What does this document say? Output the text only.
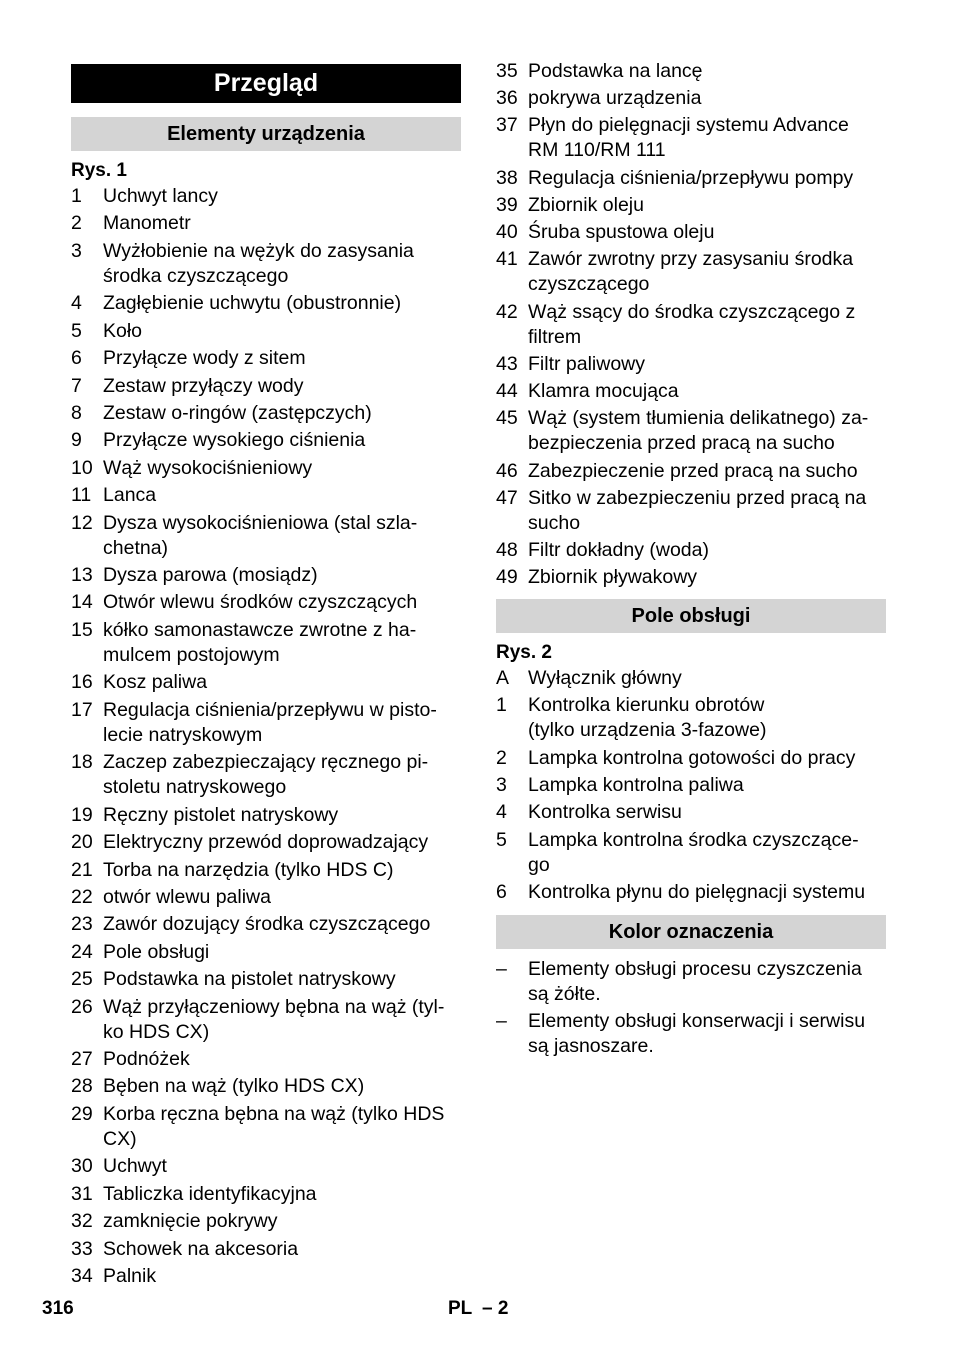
Przegląd
Elementy urządzenia
Rys. 1
1 Uchwyt lancy
2 Manometr
3 Wyżłobienie na wężyk do zasysania
środka czyszczącego
4 Zagłębienie uchwytu (obustronnie)
5 Koło
6 Przyłącze wody z sitem
7 Zestaw przyłączy wody
8 Zestaw o-ringów (zastępczych)
9 Przyłącze wysokiego ciśnienia
10 Wąż wysokociśnieniowy
11 Lanca
12 Dysza wysokociśnieniowa (stal szla-
chetna)
13 Dysza parowa (mosiądz)
14 Otwór wlewu środków czyszczących
15 kółko samonastawcze zwrotne z ha-
mulcem postojowym
16 Kosz paliwa
17 Regulacja ciśnienia/przepływu w pisto-
lecie natryskowym
18 Zaczep zabezpieczający ręcznego pi-
stoletu natryskowego
19 Ręczny pistolet natryskowy
20 Elektryczny przewód doprowadzający
21 Torba na narzędzia (tylko HDS C)
22 otwór wlewu paliwa
23 Zawór dozujący środka czyszczącego
24 Pole obsługi
25 Podstawka na pistolet natryskowy
26 Wąż przyłączeniowy bębna na wąż (tyl-
ko HDS CX)
27 Podnóżek
28 Bęben na wąż (tylko HDS CX)
29 Korba ręczna bębna na wąż (tylko HDS
CX)
30 Uchwyt
31 Tabliczka identyfikacyjna
32 zamknięcie pokrywy
33 Schowek na akcesoria
34 Palnik
35 Podstawka na lancę
36 pokrywa urządzenia
37 Płyn do pielęgnacji systemu Advance
RM 110/RM 111
38 Regulacja ciśnienia/przepływu pompy
39 Zbiornik oleju
40 Śruba spustowa oleju
41 Zawór zwrotny przy zasysaniu środka
czyszczącego
42 Wąż ssący do środka czyszczącego z
filtrem
43 Filtr paliwowy
44 Klamra mocująca
45 Wąż (system tłumienia delikatnego) za-
bezpieczenia przed pracą na sucho
46 Zabezpieczenie przed pracą na sucho
47 Sitko w zabezpieczeniu przed pracą na
sucho
48 Filtr dokładny (woda)
49 Zbiornik pływakowy
Pole obsługi
Rys. 2
A Wyłącznik główny
1 Kontrolka kierunku obrotów
(tylko urządzenia 3-fazowe)
2 Lampka kontrolna gotowości do pracy
3 Lampka kontrolna paliwa
4 Kontrolka serwisu
5 Lampka kontrolna środka czyszczące-
go
6 Kontrolka płynu do pielęgnacji systemu
Kolor oznaczenia
– Elementy obsługi procesu czyszczenia
są żółte.
– Elementy obsługi konserwacji i serwisu
są jasnoszare.
316	PL – 2
